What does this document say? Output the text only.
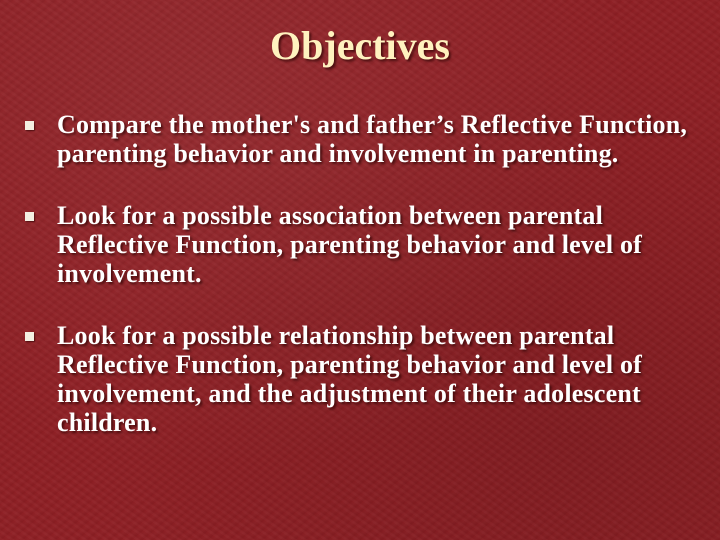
Objectives
Compare the mother's and father’s Reflective Function, parenting behavior and involvement in parenting.
Look for a possible association between parental Reflective Function, parenting behavior and level of involvement.
Look for a possible relationship between parental Reflective Function, parenting behavior and level of involvement, and the adjustment of their adolescent children.
